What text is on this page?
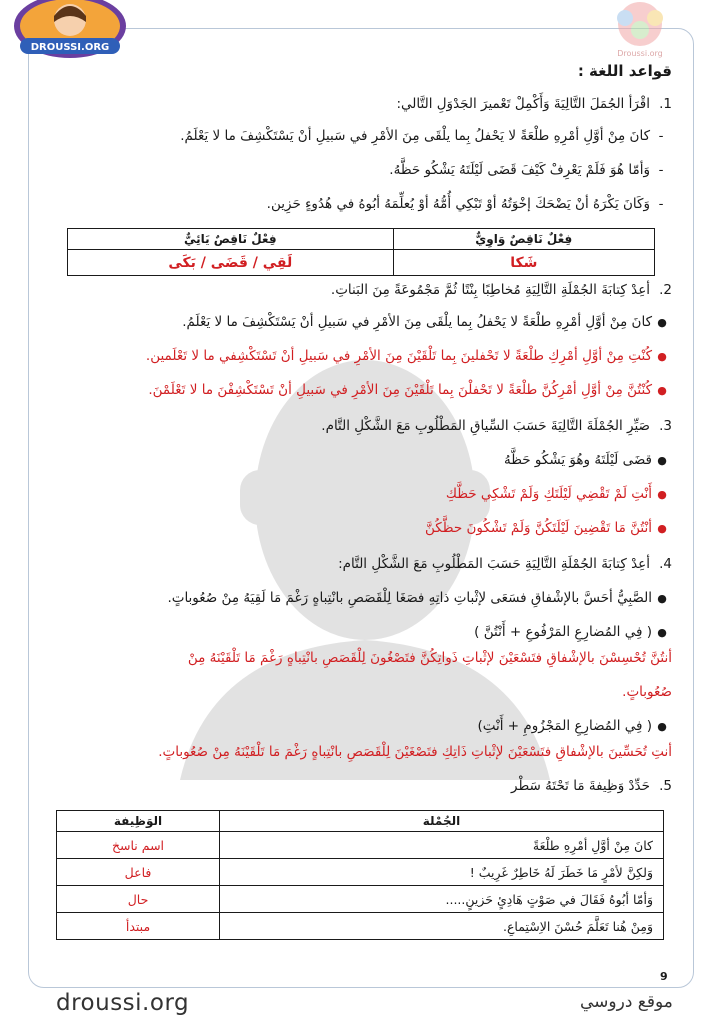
DROUSSI.ORG
Droussi.org
قواعد اللغة :
1.اقْرَأ الجُمَلَ التَّالِيَةَ وَأَكْمِلْ تَعْميرَ الجَدْوَلِ التَّالي:
-كانَ مِنْ أوَّلِ أمْرِهِ طلْعَةً لا يَحْفلُ بِما يلْقَى مِنَ الأمْرِ في سَبيلِ أنْ يَسْتَكْشِفَ ما لا يَعْلَمُ.
-وَأمّا هُوَ فَلَمْ يَعْرِفْ كَيْفَ قَضَى لَيْلَتَهُ يَشْكُو حَظَّهُ.
-وَكَانَ يَكْرَهُ أنْ يَضْحَكَ إخْوَتُهُ أوْ تَبْكِي أُمُّهُ أوْ يُعلِّمَهُ أبُوهُ في هُدُوءٍ حَزِين.
فِعْلٌ نَاقِصٌ وَاوِيٌّ	فِعْلٌ نَاقِصٌ يَائِيٌّ
شَكا	لَقِي / قَضَى / بَكَى
2.أعِدْ كِتابَةَ الجُمْلَةِ التَّالِيَةِ مُخاطِبًا بِنْتًا ثُمَّ مَجْمُوعَةً مِنَ البَناتِ.
●كانَ مِنْ أوَّلِ أمْرِهِ طلْعَةً لا يَحْفلُ بِما يلْقَى مِنَ الأمْرِ في سَبيلِ أنْ يَسْتَكْشِفَ ما لا يَعْلَمُ.
●كُنْتِ مِنْ أوَّلِ أمْرِكِ طلْعَةً لا تَحْفلينَ بِما تَلْقَيْنَ مِنَ الأمْرِ في سَبيلِ أنْ تَسْتَكْشِفي ما لا تَعْلَمين.
●كُنْتُنَّ مِنْ أوَّلِ أمْرِكُنَّ طلْعَةً لا تَحْفلْنَ بِما تَلْقَيْنَ مِنَ الأمْرِ في سَبيلِ أنْ تَسْتَكْشِفْنَ ما لا تَعْلَمْنَ.
3.صَيِّرِ الجُمْلَةَ التَّالِيَةَ حَسَبَ السِّياقِ المَطْلُوبِ مَعَ الشَّكْلِ التَّام.
●قضَى لَيْلَتَهُ وهُوَ يَشْكُو حَظَّهُ
●أَنْتِ لَمْ تَقْضِي لَيْلَتَكِ وَلَمْ تَشْكِي حَظَّكِ
●أنْتُنَّ مَا تَقْضِينَ لَيْلَتَكُنَّ وَلَمْ تَشْكُونَ حظَّكُنَّ
4.أعِدْ كِتابَةَ الجُمْلَةِ التَّالِيَةِ حَسَبَ المَطْلُوبِ مَعَ الشَّكْلِ التَّام:
●الصَّبِيُّ أحَسَّ بالإشْفاقِ فسَعَى لإثْباتِ ذاتِهِ فصَغَا لِلْقَصَصِ بانْتِباهٍ رَغْمَ مَا لَقِيَهُ مِنْ صُعُوباتٍ.
●( فِي المُضارِعِ المَرْفُوعِ + أَنْتُنَّ )
أنتُنَّ تُحْسِسْنَ بالإشْفاقِ فتَسْعَيْنَ لإثْباتِ ذَواتِكُنَّ فتَصْغُونَ لِلْقَصَصِ بانْتِباهٍ رَغْمَ مَا تَلْقَيْنَهُ مِنْ
صُعُوباتٍ.
●( فِي المُضارِعِ المَجْزُومِ + أَنْتِ)
أنتِ تُحَسِّينَ بالإشْفاقِ فتَسْعَيْنَ لإثْباتِ ذَاتِكِ فتَصْغَيْنَ لِلْقَصَصِ بانْتِباهٍ رَغْمَ مَا تَلْقَيْنَهُ مِنْ صُعُوباتٍ.
5.حَدِّدْ وَظِيفةَ مَا تَحْتَهُ سَطْر
الجُمْلة	الوَظِيفة
كانَ مِنْ أوَّلِ أمْرِهِ طلْعَةً	اسم ناسخ
وَلكِنَّ لأمْرٍ مَا خَطَرَ لَهُ خَاطِرٌ غَرِيبٌ !	فاعل
وَأمّا أبُوهُ فَقَالَ في صَوْتٍ هَادِئٍ حَزينٍ.....	حال
وَمِنْ هُنا تَعَلَّمَ حُسْنَ الاِسْتِماعِ.	مبتدأ
9
droussi.org	موقع دروسي
